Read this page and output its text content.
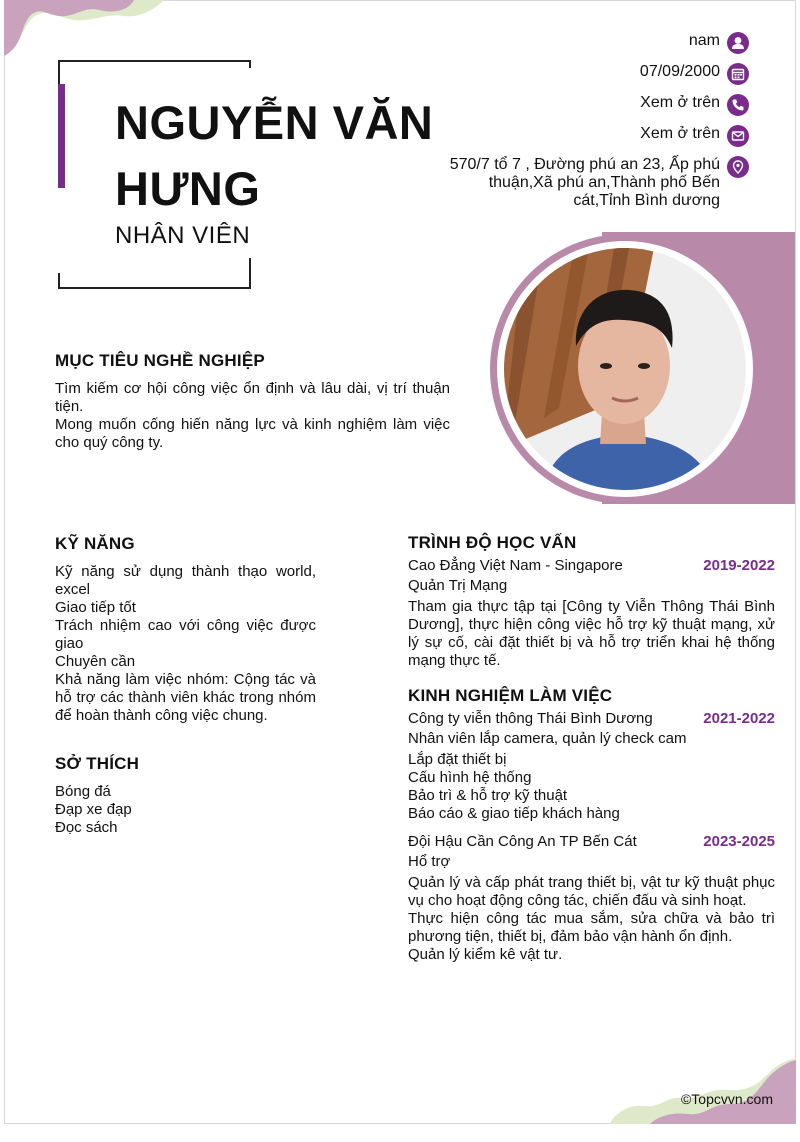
NGUYỄN VĂN HƯNG
NHÂN VIÊN
nam
07/09/2000
Xem ở trên
Xem ở trên
570/7 tổ 7 , Đường phú an 23, Ấp phú
thuận,Xã phú an,Thành phố Bến
cát,Tỉnh Bình dương
MỤC TIÊU NGHỀ NGHIỆP
Tìm kiếm cơ hội công việc ổn định và lâu dài, vị trí thuận tiện.
Mong muốn cống hiến năng lực và kinh nghiệm làm việc cho quý công ty.
KỸ NĂNG
Kỹ năng sử dụng thành thạo world, excel
Giao tiếp tốt
Trách nhiệm cao với công việc được giao
Chuyên cần
Khả năng làm việc nhóm: Cộng tác và hỗ trợ các thành viên khác trong nhóm để hoàn thành công việc chung.
SỞ THÍCH
Bóng đá
Đạp xe đạp
Đọc sách
TRÌNH ĐỘ HỌC VẤN
Cao Đẳng Việt Nam - Singapore	2019-2022
Quản Trị Mạng
Tham gia thực tập tại [Công ty Viễn Thông Thái Bình Dương], thực hiện công việc hỗ trợ kỹ thuật mạng, xử lý sự cố, cài đặt thiết bị và hỗ trợ triển khai hệ thống mạng thực tế.
KINH NGHIỆM LÀM VIỆC
Công ty viễn thông Thái Bình Dương	2021-2022
Nhân viên lắp camera, quản lý check cam
Lắp đặt thiết bị
Cấu hình hệ thống
Bảo trì & hỗ trợ kỹ thuật
Báo cáo & giao tiếp khách hàng
Đội Hậu Cần Công An TP Bến Cát	2023-2025
Hổ trợ
Quản lý và cấp phát trang thiết bị, vật tư kỹ thuật phục vụ cho hoạt động công tác, chiến đấu và sinh hoạt.
Thực hiện công tác mua sắm, sửa chữa và bảo trì phương tiện, thiết bị, đảm bảo vận hành ổn định.
Quản lý kiểm kê vật tư.
©Topcvvn.com
